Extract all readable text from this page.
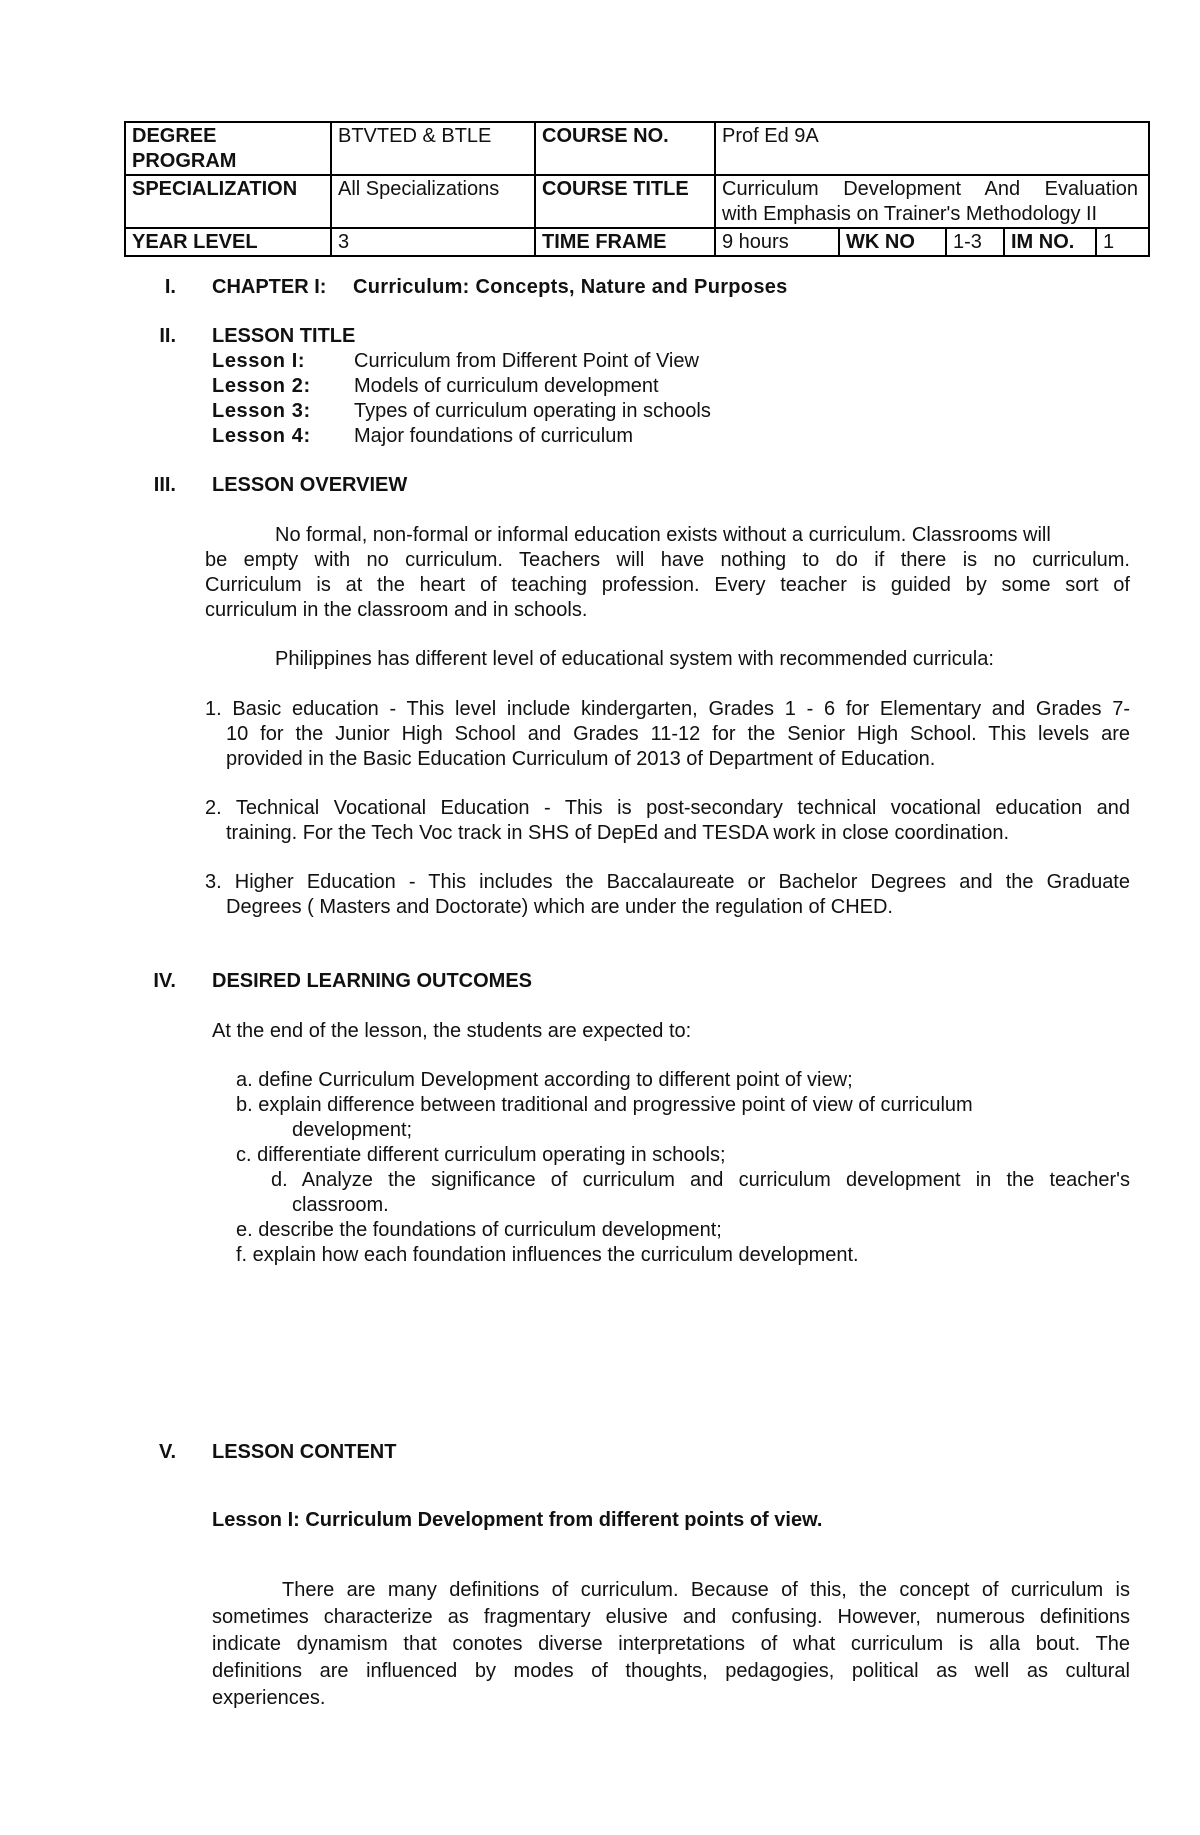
DEGREE PROGRAM	BTVTED & BTLE	COURSE NO.	Prof Ed 9A				
SPECIALIZATION	All Specializations	COURSE TITLE	Curriculum Development And Evaluation
with Emphasis on Trainer's Methodology II				

YEAR LEVEL	3	TIME FRAME	9 hours	WK NO	1-3	IM NO.	1
I. CHAPTER I: Curriculum: Concepts, Nature and Purposes
II. LESSON TITLE
Lesson I: Curriculum from Different Point of View
Lesson 2: Models of curriculum development
Lesson 3: Types of curriculum operating in schools
Lesson 4: Major foundations of curriculum
III. LESSON OVERVIEW
No formal, non-formal or informal education exists without a curriculum. Classrooms will
be empty with no curriculum. Teachers will have nothing to do if there is no curriculum.
Curriculum is at the heart of teaching profession. Every teacher is guided by some sort of
curriculum in the classroom and in schools.
Philippines has different level of educational system with recommended curricula:
1. Basic education - This level include kindergarten, Grades 1 - 6 for Elementary and Grades 7-
10 for the Junior High School and Grades 11-12 for the Senior High School. This levels are
provided in the Basic Education Curriculum of 2013 of Department of Education.
2. Technical Vocational Education - This is post-secondary technical vocational education and
training. For the Tech Voc track in SHS of DepEd and TESDA work in close coordination.
3. Higher Education - This includes the Baccalaureate or Bachelor Degrees and the Graduate
Degrees ( Masters and Doctorate) which are under the regulation of CHED.
IV. DESIRED LEARNING OUTCOMES
At the end of the lesson, the students are expected to:
a. define Curriculum Development according to different point of view;
b. explain difference between traditional and progressive point of view of curriculum
development;
c. differentiate different curriculum operating in schools;
d. Analyze the significance of curriculum and curriculum development in the teacher's
classroom.
e. describe the foundations of curriculum development;
f. explain how each foundation influences the curriculum development.
V. LESSON CONTENT
Lesson I: Curriculum Development from different points of view.
There are many definitions of curriculum. Because of this, the concept of curriculum is
sometimes characterize as fragmentary elusive and confusing. However, numerous definitions
indicate dynamism that conotes diverse interpretations of what curriculum is alla bout. The
definitions are influenced by modes of thoughts, pedagogies, political as well as cultural
experiences.
